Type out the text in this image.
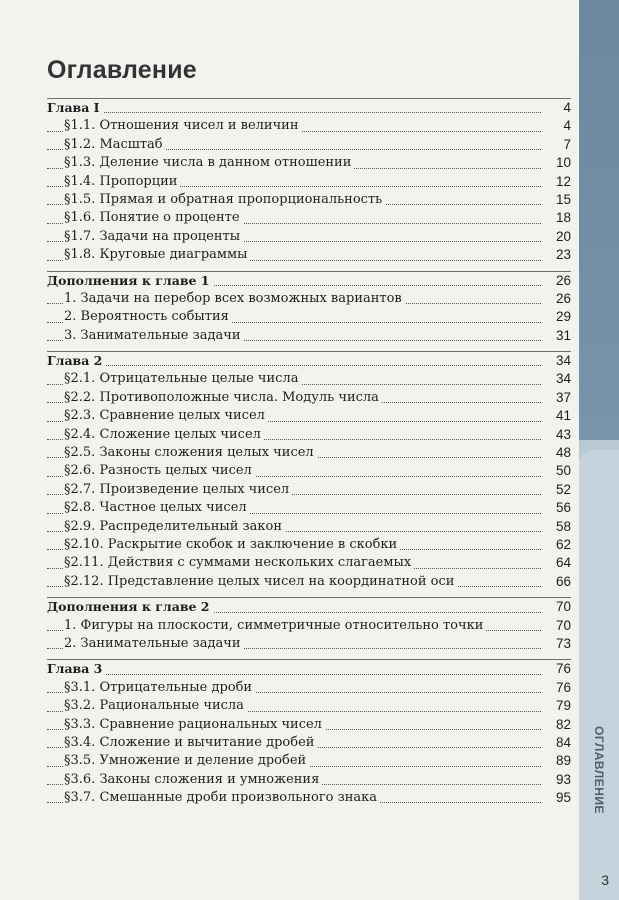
Оглавление
Глава I	4
§1.1. Отношения чисел и величин	4
§1.2. Масштаб	7
§1.3. Деление числа в данном отношении	10
§1.4. Пропорции	12
§1.5. Прямая и обратная пропорциональность	15
§1.6. Понятие о проценте	18
§1.7. Задачи на проценты	20
§1.8. Круговые диаграммы	23
Дополнения к главе 1	26
1. Задачи на перебор всех возможных вариантов	26
2. Вероятность события	29
3. Занимательные задачи	31
Глава 2	34
§2.1. Отрицательные целые числа	34
§2.2. Противоположные числа. Модуль числа	37
§2.3. Сравнение целых чисел	41
§2.4. Сложение целых чисел	43
§2.5. Законы сложения целых чисел	48
§2.6. Разность целых чисел	50
§2.7. Произведение целых чисел	52
§2.8. Частное целых чисел	56
§2.9. Распределительный закон	58
§2.10. Раскрытие скобок и заключение в скобки	62
§2.11. Действия с суммами нескольких слагаемых	64
§2.12. Представление целых чисел на координатной оси	66
Дополнения к главе 2	70
1. Фигуры на плоскости, симметричные относительно точки	70
2. Занимательные задачи	73
Глава 3	76
§3.1. Отрицательные дроби	76
§3.2. Рациональные числа	79
§3.3. Сравнение рациональных чисел	82
§3.4. Сложение и вычитание дробей	84
§3.5. Умножение и деление дробей	89
§3.6. Законы сложения и умножения	93
§3.7. Смешанные дроби произвольного знака	95 ОГЛАВЛЕНИЕ
3
